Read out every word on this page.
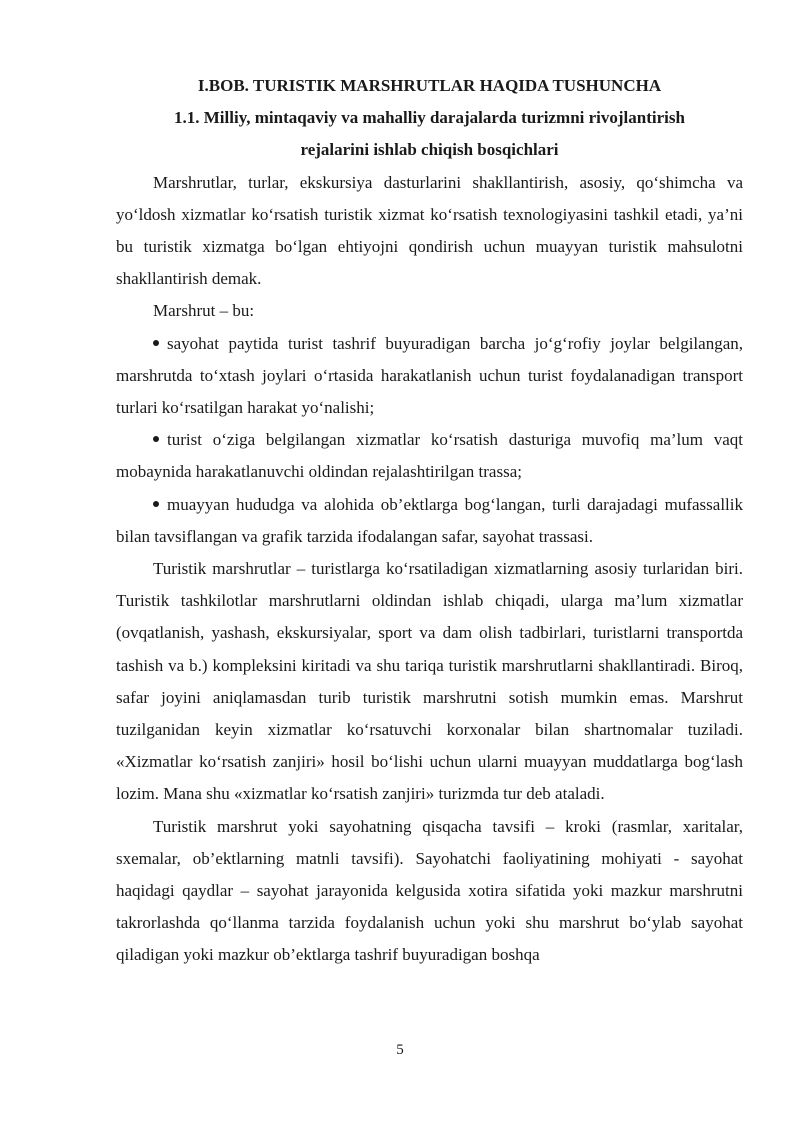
I.BOB. TURISTIK MARSHRUTLAR HAQIDA TUSHUNCHA

1.1. Milliy, mintaqaviy va mahalliy darajalarda turizmni rivojlantirish

rejalarini ishlab chiqish bosqichlari

Marshrutlar, turlar, ekskursiya dasturlarini shakllantirish, asosiy, qo‘shimcha va yo‘ldosh xizmatlar ko‘rsatish turistik xizmat ko‘rsatish texnologiyasini tashkil etadi, ya’ni bu turistik xizmatga bo‘lgan ehtiyojni qondirish uchun muayyan turistik mahsulotni shakllantirish demak.

Marshrut – bu:

sayohat paytida turist tashrif buyuradigan barcha jo‘g‘rofiy joylar belgilangan, marshrutda to‘xtash joylari o‘rtasida harakatlanish uchun turist foydalanadigan transport turlari ko‘rsatilgan harakat yo‘nalishi;

turist o‘ziga belgilangan xizmatlar ko‘rsatish dasturiga muvofiq ma’lum vaqt mobaynida harakatlanuvchi oldindan rejalashtirilgan trassa;

muayyan hududga va alohida ob’ektlarga bog‘langan, turli darajadagi mufassallik bilan tavsiflangan va grafik tarzida ifodalangan safar, sayohat trassasi.

Turistik marshrutlar – turistlarga ko‘rsatiladigan xizmatlarning asosiy turlaridan biri. Turistik tashkilotlar marshrutlarni oldindan ishlab chiqadi, ularga ma’lum xizmatlar (ovqatlanish, yashash, ekskursiyalar, sport va dam olish tadbirlari, turistlarni transportda tashish va b.) kompleksini kiritadi va shu tariqa turistik marshrutlarni shakllantiradi. Biroq, safar joyini aniqlamasdan turib turistik marshrutni sotish mumkin emas. Marshrut tuzilganidan keyin xizmatlar ko‘rsatuvchi korxonalar bilan shartnomalar tuziladi. «Xizmatlar ko‘rsatish zanjiri» hosil bo‘lishi uchun ularni muayyan muddatlarga bog‘lash lozim. Mana shu «xizmatlar ko‘rsatish zanjiri» turizmda tur deb ataladi.

Turistik marshrut yoki sayohatning qisqacha tavsifi – kroki (rasmlar, xaritalar, sxemalar, ob’ektlarning matnli tavsifi). Sayohatchi faoliyatining mohiyati - sayohat haqidagi qaydlar – sayohat jarayonida kelgusida xotira sifatida yoki mazkur marshrutni takrorlashda qo‘llanma tarzida foydalanish uchun yoki shu marshrut bo‘ylab sayohat qiladigan yoki mazkur ob’ektlarga tashrif buyuradigan boshqa

5
